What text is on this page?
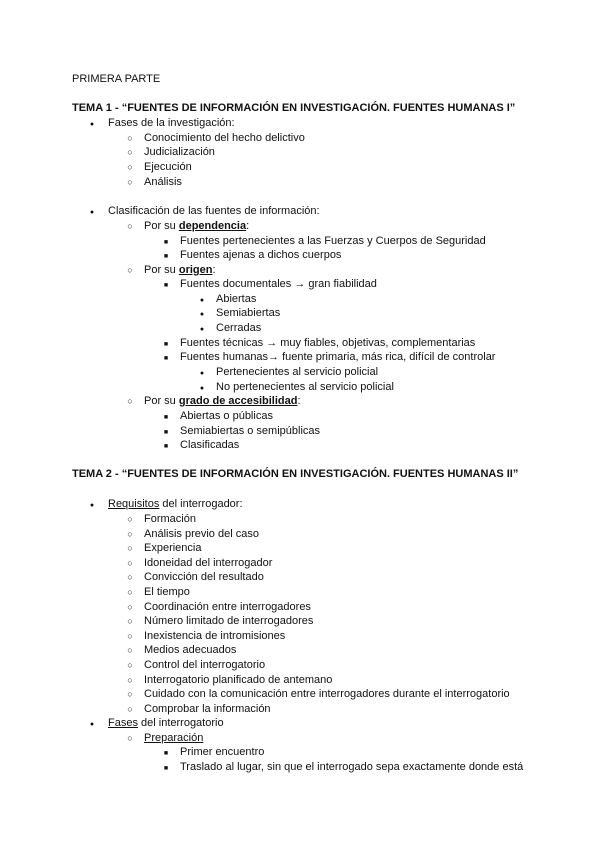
PRIMERA PARTE
TEMA 1 - “FUENTES DE INFORMACIÓN EN INVESTIGACIÓN. FUENTES HUMANAS I”
●
Fases de la investigación:
○
Conocimiento del hecho delictivo
○
Judicialización
○
Ejecución
○
Análisis
●
Clasificación de las fuentes de información:
○
Por su dependencia:
■
Fuentes pertenecientes a las Fuerzas y Cuerpos de Seguridad
■
Fuentes ajenas a dichos cuerpos
○
Por su origen:
■
Fuentes documentales → gran fiabilidad
●
Abiertas
●
Semiabiertas
●
Cerradas
■
Fuentes técnicas → muy fiables, objetivas, complementarias
■
Fuentes humanas→ fuente primaria, más rica, difícil de controlar
●
Pertenecientes al servicio policial
●
No pertenecientes al servicio policial
○
Por su grado de accesibilidad:
■
Abiertas o públicas
■
Semiabiertas o semipúblicas
■
Clasificadas
TEMA 2 - “FUENTES DE INFORMACIÓN EN INVESTIGACIÓN. FUENTES HUMANAS II”
●
Requisitos del interrogador:
○
Formación
○
Análisis previo del caso
○
Experiencia
○
Idoneidad del interrogador
○
Convicción del resultado
○
El tiempo
○
Coordinación entre interrogadores
○
Número limitado de interrogadores
○
Inexistencia de intromisiones
○
Medios adecuados
○
Control del interrogatorio
○
Interrogatorio planificado de antemano
○
Cuidado con la comunicación entre interrogadores durante el interrogatorio
○
Comprobar la información
●
Fases del interrogatorio
○
Preparación
■
Primer encuentro
■
Traslado al lugar, sin que el interrogado sepa exactamente donde está
